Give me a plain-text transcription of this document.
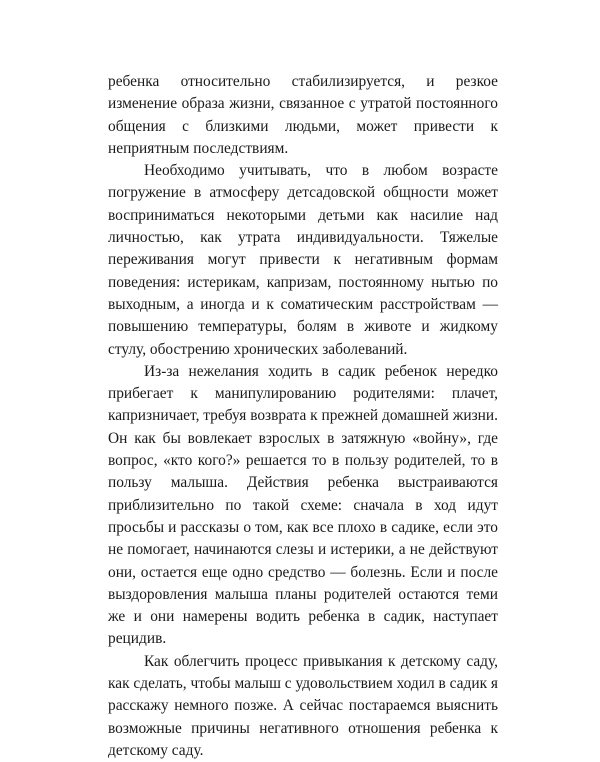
ребенка относительно стабилизируется, и резкое изменение образа жизни, связанное с утратой постоянного общения с близкими людьми, может привести к неприятным последствиям.

Необходимо учитывать, что в любом возрасте погружение в атмосферу детсадовской общности может восприниматься некоторыми детьми как насилие над личностью, как утрата индивидуальности. Тяжелые переживания могут привести к негативным формам поведения: истерикам, капризам, постоянному нытью по выходным, а иногда и к соматическим расстройствам — повышению температуры, болям в животе и жидкому стулу, обострению хронических заболеваний.

Из-за нежелания ходить в садик ребенок нередко прибегает к манипулированию родителями: плачет, капризничает, требуя возврата к прежней домашней жизни. Он как бы вовлекает взрослых в затяжную «войну», где вопрос, «кто кого?» решается то в пользу родителей, то в пользу малыша. Действия ребенка выстраиваются приблизительно по такой схеме: сначала в ход идут просьбы и рассказы о том, как все плохо в садике, если это не помогает, начинаются слезы и истерики, а не действуют они, остается еще одно средство — болезнь. Если и после выздоровления малыша планы родителей остаются теми же и они намерены водить ребенка в садик, наступает рецидив.

Как облегчить процесс привыкания к детскому саду, как сделать, чтобы малыш с удовольствием ходил в садик я расскажу немного позже. А сейчас постараемся выяснить возможные причины негативного отношения ребенка к детскому саду.
